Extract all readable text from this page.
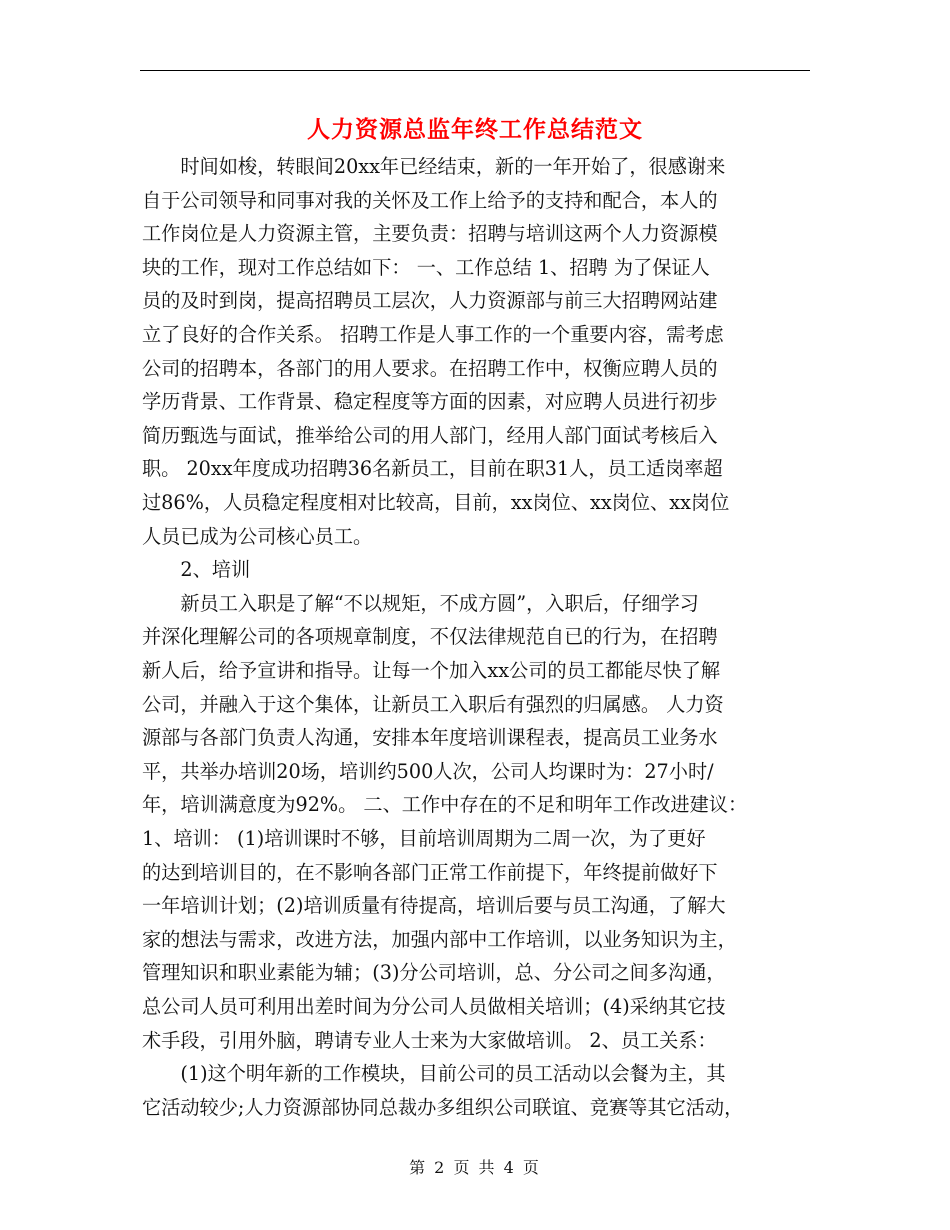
人力资源总监年终工作总结范文
　　时间如梭，转眼间20xx年已经结束，新的一年开始了，很感谢来
自于公司领导和同事对我的关怀及工作上给予的支持和配合，本人的
工作岗位是人力资源主管，主要负责：招聘与培训这两个人力资源模
块的工作，现对工作总结如下： 一、工作总结 1、招聘 为了保证人
员的及时到岗，提高招聘员工层次，人力资源部与前三大招聘网站建
立了良好的合作关系。 招聘工作是人事工作的一个重要内容，需考虑
公司的招聘本，各部门的用人要求。在招聘工作中，权衡应聘人员的
学历背景、工作背景、稳定程度等方面的因素，对应聘人员进行初步
简历甄选与面试，推举给公司的用人部门，经用人部门面试考核后入
职。 20xx年度成功招聘36名新员工，目前在职31人，员工适岗率超
过86%，人员稳定程度相对比较高，目前，xx岗位、xx岗位、xx岗位
人员已成为公司核心员工。
　　2、培训
　　新员工入职是了解“不以规矩，不成方圆”，入职后，仔细学习
并深化理解公司的各项规章制度，不仅法律规范自已的行为，在招聘
新人后，给予宣讲和指导。让每一个加入xx公司的员工都能尽快了解
公司，并融入于这个集体，让新员工入职后有强烈的归属感。 人力资
源部与各部门负责人沟通，安排本年度培训课程表，提高员工业务水
平，共举办培训20场，培训约500人次，公司人均课时为：27小时/
年，培训满意度为92%。 二、工作中存在的不足和明年工作改进建议：
1、培训： (1)培训课时不够，目前培训周期为二周一次，为了更好
的达到培训目的，在不影响各部门正常工作前提下，年终提前做好下
一年培训计划；(2)培训质量有待提高，培训后要与员工沟通，了解大
家的想法与需求，改进方法，加强内部中工作培训，以业务知识为主，
管理知识和职业素能为辅；(3)分公司培训，总、分公司之间多沟通，
总公司人员可利用出差时间为分公司人员做相关培训；(4)采纳其它技
术手段，引用外脑，聘请专业人士来为大家做培训。 2、员工关系：
　　(1)这个明年新的工作模块，目前公司的员工活动以会餐为主，其
它活动较少;人力资源部协同总裁办多组织公司联谊、竞赛等其它活动，
第 2 页 共 4 页
